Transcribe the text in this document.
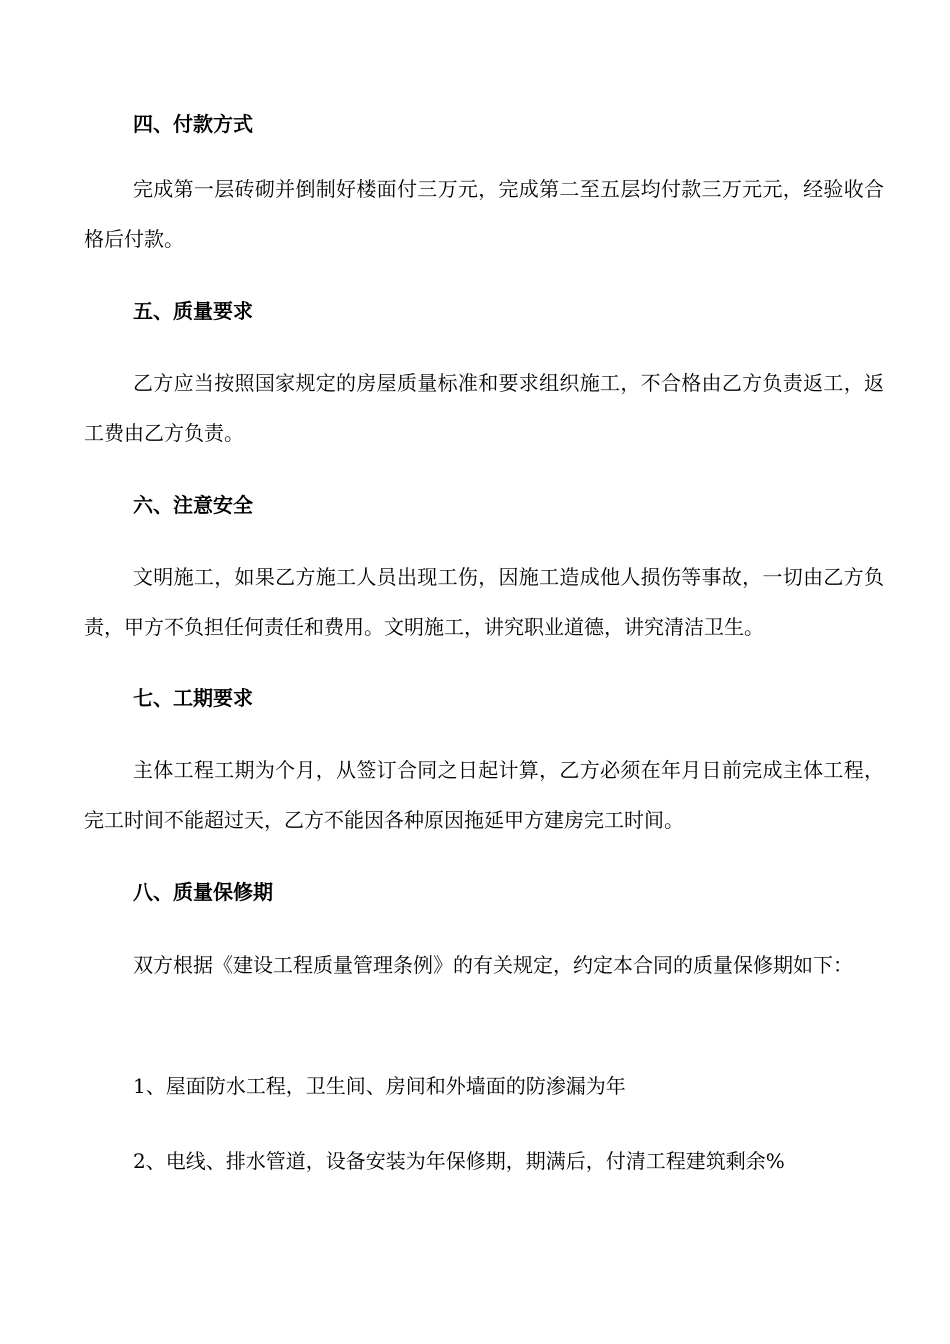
四、付款方式
完成第一层砖砌并倒制好楼面付三万元，完成第二至五层均付款三万元元，经验收合格后付款。
五、质量要求
乙方应当按照国家规定的房屋质量标准和要求组织施工，不合格由乙方负责返工，返工费由乙方负责。
六、注意安全
文明施工，如果乙方施工人员出现工伤，因施工造成他人损伤等事故，一切由乙方负责，甲方不负担任何责任和费用。文明施工，讲究职业道德，讲究清洁卫生。
七、工期要求
主体工程工期为个月，从签订合同之日起计算，乙方必须在年月日前完成主体工程，完工时间不能超过天，乙方不能因各种原因拖延甲方建房完工时间。
八、质量保修期
双方根据《建设工程质量管理条例》的有关规定，约定本合同的质量保修期如下：
1、屋面防水工程，卫生间、房间和外墙面的防渗漏为年
2、电线、排水管道，设备安装为年保修期，期满后，付清工程建筑剩余%
